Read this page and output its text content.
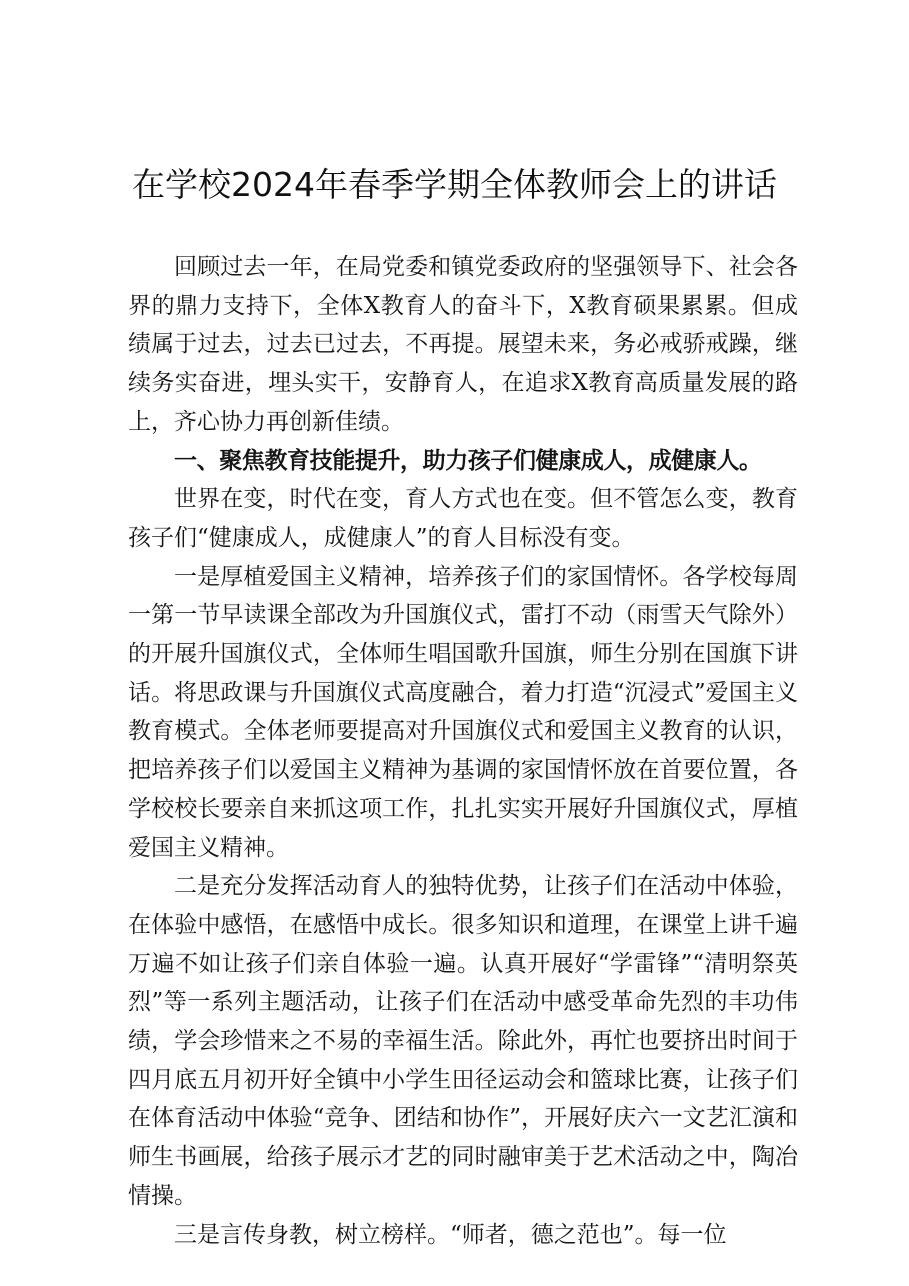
在学校2024年春季学期全体教师会上的讲话

回顾过去一年，在局党委和镇党委政府的坚强领导下、社会各界的鼎力支持下，全体X教育人的奋斗下，X教育硕果累累。但成绩属于过去，过去已过去，不再提。展望未来，务必戒骄戒躁，继续务实奋进，埋头实干，安静育人，在追求X教育高质量发展的路上，齐心协力再创新佳绩。

一、聚焦教育技能提升，助力孩子们健康成人，成健康人。

世界在变，时代在变，育人方式也在变。但不管怎么变，教育孩子们“健康成人，成健康人”的育人目标没有变。

一是厚植爱国主义精神，培养孩子们的家国情怀。各学校每周一第一节早读课全部改为升国旗仪式，雷打不动（雨雪天气除外）的开展升国旗仪式，全体师生唱国歌升国旗，师生分别在国旗下讲话。将思政课与升国旗仪式高度融合，着力打造“沉浸式”爱国主义教育模式。全体老师要提高对升国旗仪式和爱国主义教育的认识，把培养孩子们以爱国主义精神为基调的家国情怀放在首要位置，各学校校长要亲自来抓这项工作，扎扎实实开展好升国旗仪式，厚植爱国主义精神。

二是充分发挥活动育人的独特优势，让孩子们在活动中体验，在体验中感悟，在感悟中成长。很多知识和道理，在课堂上讲千遍万遍不如让孩子们亲自体验一遍。认真开展好“学雷锋”“清明祭英烈”等一系列主题活动，让孩子们在活动中感受革命先烈的丰功伟绩，学会珍惜来之不易的幸福生活。除此外，再忙也要挤出时间于四月底五月初开好全镇中小学生田径运动会和篮球比赛，让孩子们在体育活动中体验“竞争、团结和协作”，开展好庆六一文艺汇演和师生书画展，给孩子展示才艺的同时融审美于艺术活动之中，陶冶情操。

三是言传身教，树立榜样。“师者，德之范也”。每一位
